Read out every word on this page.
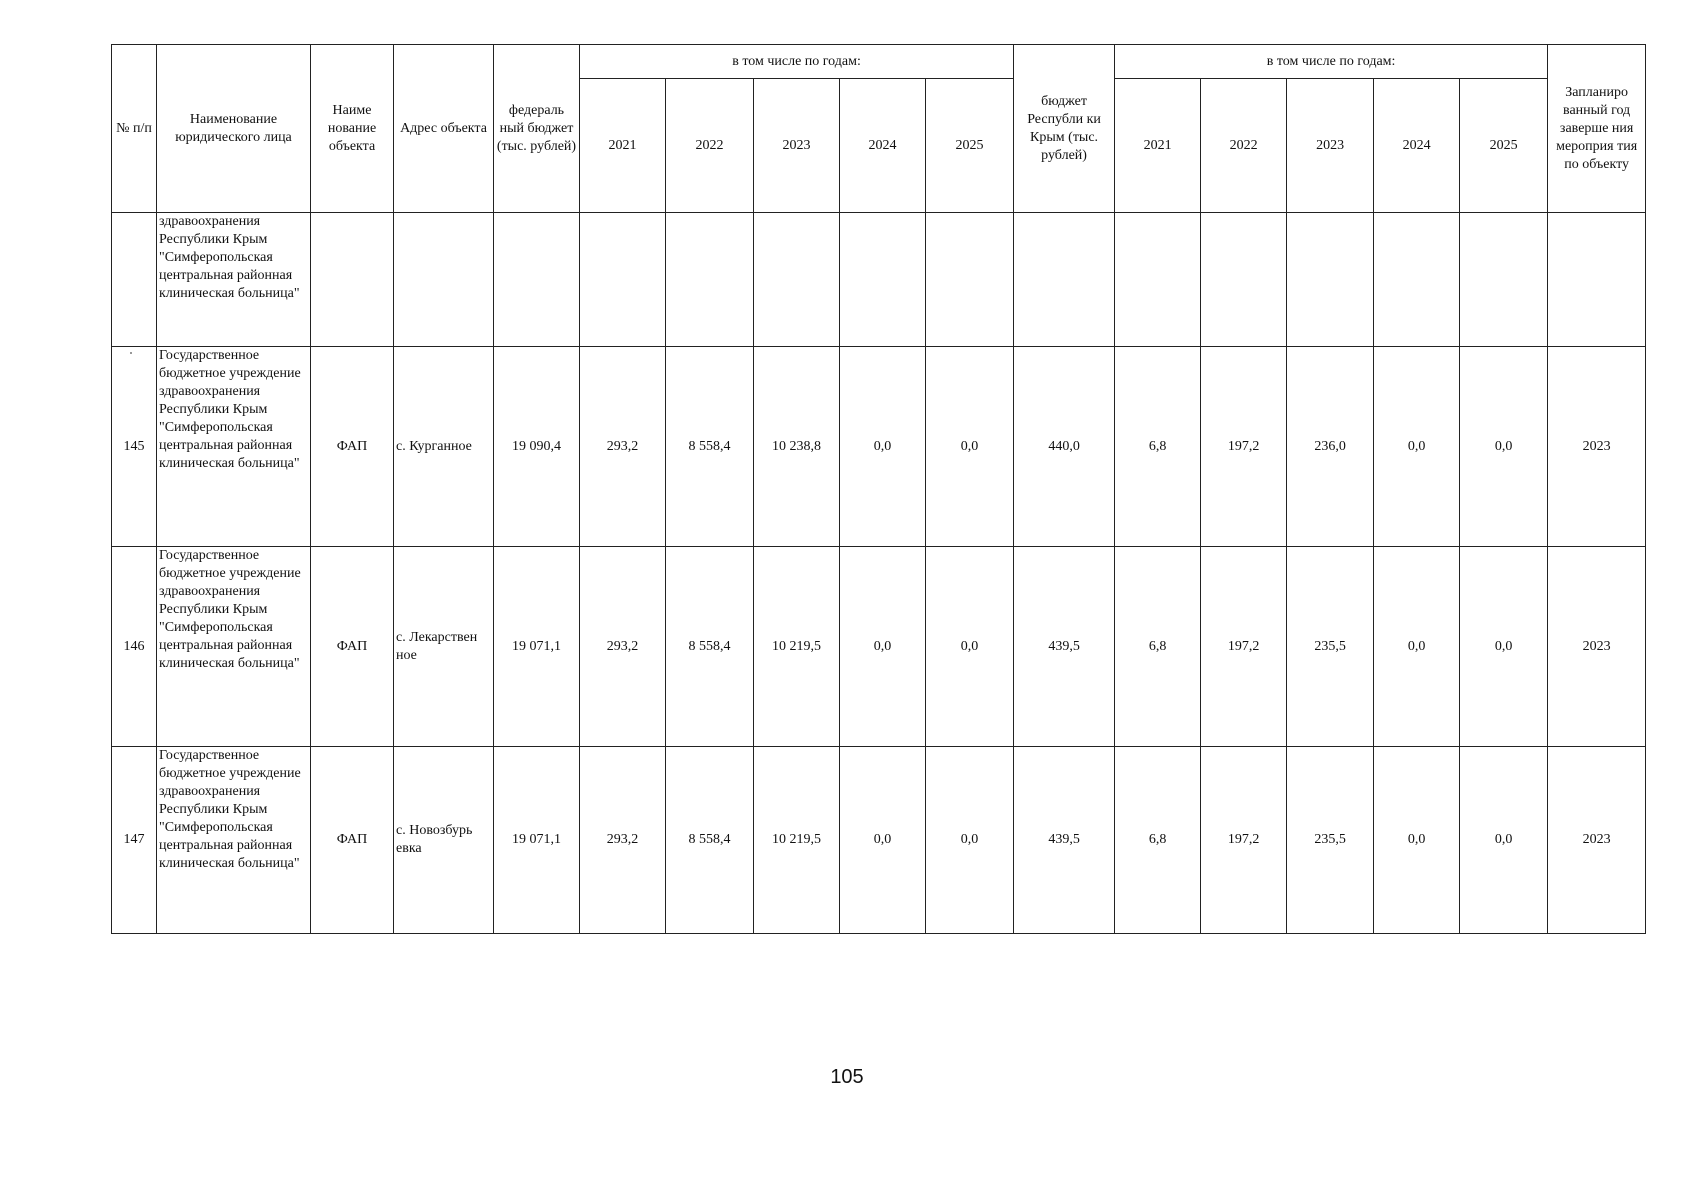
№ п/п	Наименование юридического лица	Наиме нование объекта	Адрес объекта	федераль ный бюджет (тыс. рублей)	в том числе по годам:					бюджет Республи ки Крым (тыс. рублей)	в том числе по годам:					Запланиро ванный год заверше ния мероприя тия по объекту
					2021	2022	2023	2024	2025		2021	2022	2023	2024	2025	
	здравоохранения Республики Крым "Симферопольская центральная районная клиническая больница"															
145	Государственное бюджетное учреждение здравоохранения Республики Крым "Симферопольская центральная районная клиническая больница"	ФАП	с. Курганное	19 090,4	293,2	8 558,4	10 238,8	0,0	0,0	440,0	6,8	197,2	236,0	0,0	0,0	2023
146	Государственное бюджетное учреждение здравоохранения Республики Крым "Симферопольская центральная районная клиническая больница"	ФАП	с. Лекарствен ное	19 071,1	293,2	8 558,4	10 219,5	0,0	0,0	439,5	6,8	197,2	235,5	0,0	0,0	2023
147	Государственное бюджетное учреждение здравоохранения Республики Крым "Симферопольская центральная районная клиническая больница"	ФАП	с. Новозбурь евка	19 071,1	293,2	8 558,4	10 219,5	0,0	0,0	439,5	6,8	197,2	235,5	0,0	0,0	2023
105
